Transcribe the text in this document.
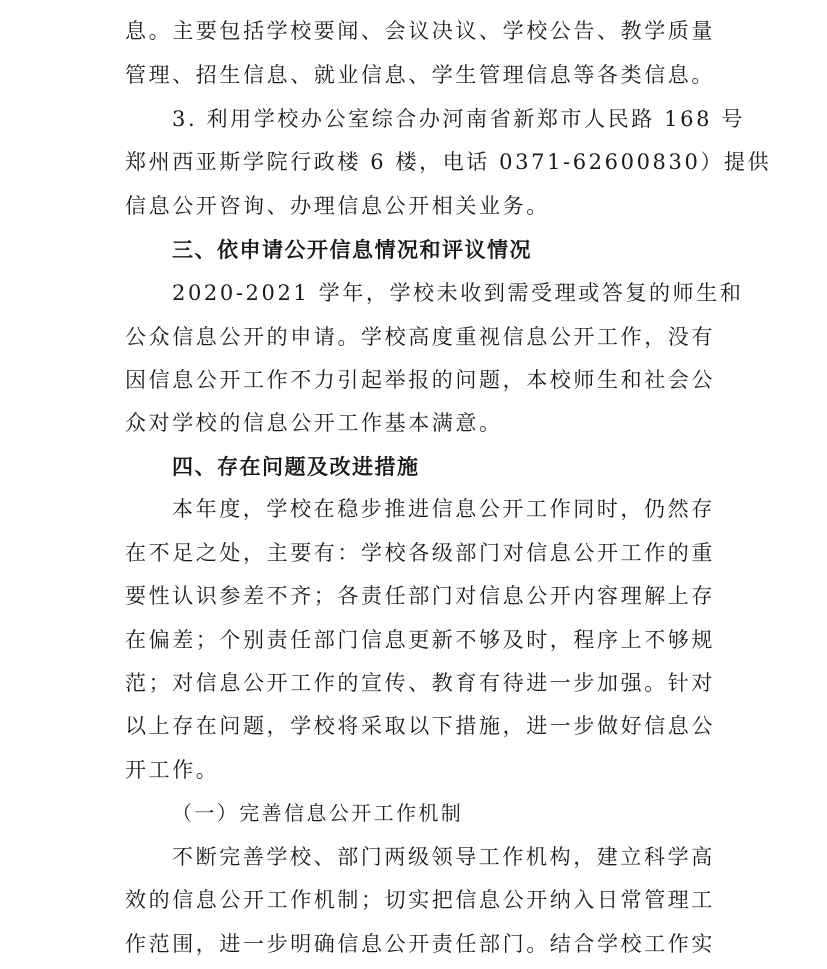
息。主要包括学校要闻、会议决议、学校公告、教学质量
管理、招生信息、就业信息、学生管理信息等各类信息。
3. 利用学校办公室综合办河南省新郑市人民路 168 号
郑州西亚斯学院行政楼 6 楼，电话 0371-62600830）提供
信息公开咨询、办理信息公开相关业务。
三、依申请公开信息情况和评议情况
2020-2021 学年，学校未收到需受理或答复的师生和
公众信息公开的申请。学校高度重视信息公开工作，没有
因信息公开工作不力引起举报的问题，本校师生和社会公
众对学校的信息公开工作基本满意。
四、存在问题及改进措施
本年度，学校在稳步推进信息公开工作同时，仍然存
在不足之处，主要有：学校各级部门对信息公开工作的重
要性认识参差不齐；各责任部门对信息公开内容理解上存
在偏差；个别责任部门信息更新不够及时，程序上不够规
范；对信息公开工作的宣传、教育有待进一步加强。针对
以上存在问题，学校将采取以下措施，进一步做好信息公
开工作。
（一）完善信息公开工作机制
不断完善学校、部门两级领导工作机构，建立科学高
效的信息公开工作机制；切实把信息公开纳入日常管理工
作范围，进一步明确信息公开责任部门。结合学校工作实
